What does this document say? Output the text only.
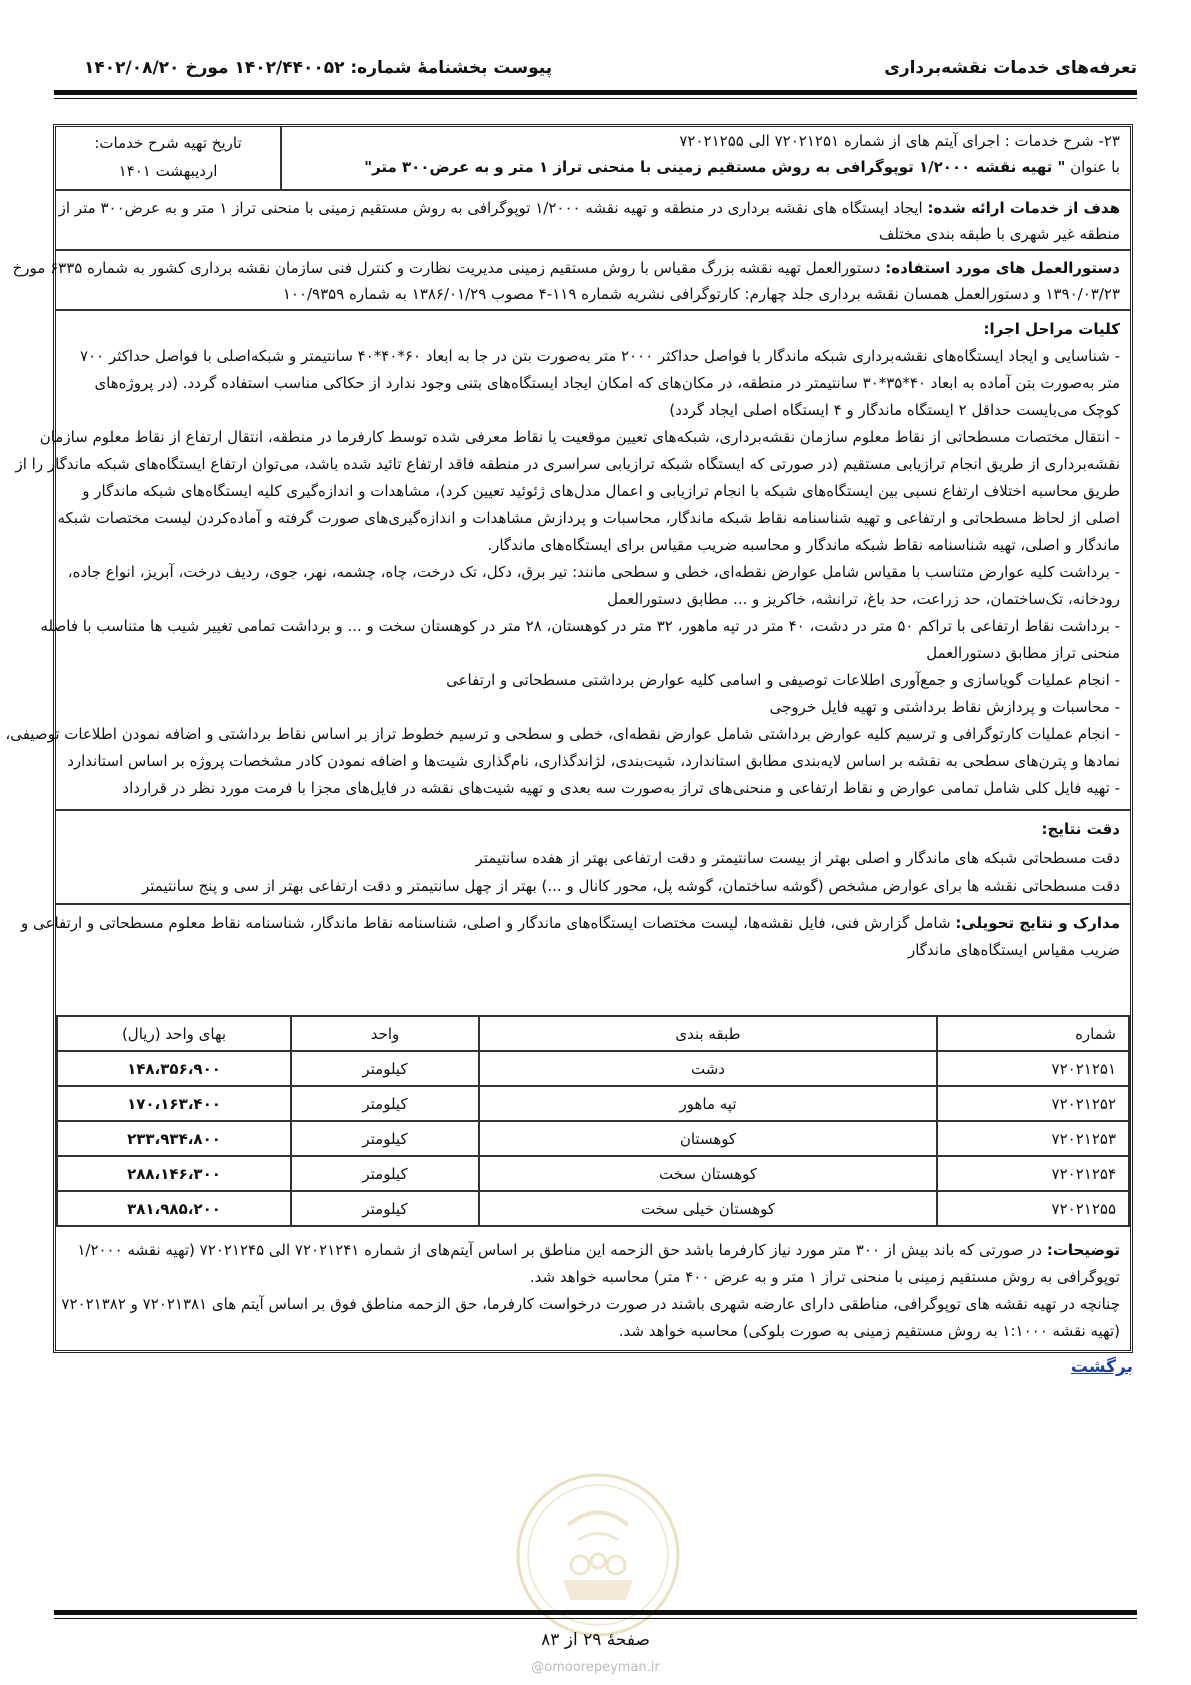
تعرفه‌های خدمات نقشه‌برداری
پیوست بخشنامهٔ شماره: ۱۴۰۲/۴۴۰۰۵۲ مورخ ۱۴۰۲/۰۸/۲۰
۲۳- شرح خدمات : اجرای آیتم های از شماره ۷۲۰۲۱۲۵۱ الی ۷۲۰۲۱۲۵۵
با عنوان " تهیه نقشه ۱/۲۰۰۰ توپوگرافی به روش مستقیم زمینی با منحنی تراز ۱ متر و به عرض۳۰۰ متر"
تاریخ تهیه شرح خدمات:
اردیبهشت ۱۴۰۱
هدف از خدمات ارائه شده: ایجاد ایستگاه های نقشه برداری در منطقه و تهیه نقشه ۱/۲۰۰۰ توپوگرافی به روش مستقیم زمینی با منحنی تراز ۱ متر و به عرض۳۰۰ متر از
منطقه غیر شهری با طبقه بندی مختلف
دستورالعمل های مورد استفاده: دستورالعمل تهیه نقشه بزرگ مقیاس با روش مستقیم زمینی مدیریت نظارت و کنترل فنی سازمان نقشه برداری کشور به شماره ۶۳۳۵ مورخ
۱۳۹۰/۰۳/۲۳ و دستورالعمل همسان نقشه برداری جلد چهارم: کارتوگرافی نشریه شماره ۱۱۹-۴ مصوب ۱۳۸۶/۰۱/۲۹ به شماره ۱۰۰/۹۳۵۹
کلیات مراحل اجرا:
- شناسایی و ایجاد ایستگاه‌های نقشه‌برداری شبکه ماندگار با فواصل حداکثر ۲۰۰۰ متر به‌صورت بتن در جا به ابعاد ۶۰*۴۰*۴۰ سانتیمتر و شبکه‌اصلی با فواصل حداکثر ۷۰۰
متر به‌صورت بتن آماده به ابعاد ۴۰*۳۵*۳۰ سانتیمتر در منطقه، در مکان‌های که امکان ایجاد ایستگاه‌های بتنی وجود ندارد از حکاکی مناسب استفاده گردد. (در پروژه‌های
کوچک می‌بایست حداقل ۲ ایستگاه ماندگار و ۴ ایستگاه اصلی ایجاد گردد)
- انتقال مختصات مسطحاتی از نقاط معلوم سازمان نقشه‌برداری، شبکه‌های تعیین موقعیت یا نقاط معرفی شده توسط کارفرما در منطقه، انتقال ارتفاع از نقاط معلوم سازمان
نقشه‌برداری از طریق انجام ترازیابی مستقیم (در صورتی که ایستگاه شبکه ترازیابی سراسری در منطقه فاقد ارتفاع تائید شده باشد، می‌توان ارتفاع ایستگاه‌های شبکه ماندگار را از
طریق محاسبه اختلاف ارتفاع نسبی بین ایستگاه‌های شبکه با انجام ترازیابی و اعمال مدل‌های ژئوئید تعیین کرد)، مشاهدات و اندازه‌گیری کلیه ایستگاه‌های شبکه ماندگار و
اصلی از لحاظ مسطحاتی و ارتفاعی و تهیه شناسنامه نقاط شبکه ماندگار، محاسبات و پردازش مشاهدات و اندازه‌گیری‌های صورت گرفته و آماده‌کردن لیست مختصات شبکه
ماندگار و اصلی، تهیه شناسنامه نقاط شبکه ماندگار و محاسبه ضریب مقیاس برای ایستگاه‌های ماندگار.
- برداشت کلیه عوارض متناسب با مقیاس شامل عوارض نقطه‌ای، خطی و سطحی مانند: تیر برق، دکل، تک درخت، چاه، چشمه، نهر، جوی، ردیف درخت، آبریز، انواع جاده،
رودخانه، تک‌ساختمان، حد زراعت، حد باغ، ترانشه، خاکریز و ... مطابق دستورالعمل
- برداشت نقاط ارتفاعی با تراکم ۵۰ متر در دشت، ۴۰ متر در تپه ماهور، ۳۲ متر در کوهستان، ۲۸ متر در کوهستان سخت و ... و برداشت تمامی تغییر شیب ها متناسب با فاصله
منحنی تراز مطابق دستورالعمل
- انجام عملیات گویاسازی و جمع‌آوری اطلاعات توصیفی و اسامی کلیه عوارض برداشتی مسطحاتی و ارتفاعی
- محاسبات و پردازش نقاط برداشتی و تهیه فایل خروجی
- انجام عملیات کارتوگرافی و ترسیم کلیه عوارض برداشتی شامل عوارض نقطه‌ای، خطی و سطحی و ترسیم خطوط تراز بر اساس نقاط برداشتی و اضافه نمودن اطلاعات توصیفی،
نمادها و پترن‌های سطحی به نقشه بر اساس لایه‌بندی مطابق استاندارد، شیت‌بندی، لژاندگذاری، نام‌گذاری شیت‌ها و اضافه نمودن کادر مشخصات پروژه بر اساس استاندارد
- تهیه فایل کلی شامل تمامی عوارض و نقاط ارتفاعی و منحنی‌های تراز به‌صورت سه بعدی و تهیه شیت‌های نقشه در فایل‌های مجزا با فرمت مورد نظر در قرارداد
دقت نتایج:
دقت مسطحاتی شبکه های ماندگار و اصلی بهتر از بیست سانتیمتر و دقت ارتفاعی بهتر از هفده سانتیمتر
دقت مسطحاتی نقشه ها برای عوارض مشخص (گوشه ساختمان، گوشه پل، محور کانال و ...) بهتر از چهل سانتیمتر و دقت ارتفاعی بهتر از سی و پنج سانتیمتر
مدارک و نتایج تحویلی: شامل گزارش فنی، فایل نقشه‌ها، لیست مختصات ایستگاه‌های ماندگار و اصلی، شناسنامه نقاط ماندگار، شناسنامه نقاط معلوم مسطحاتی و ارتفاعی و
ضریب مقیاس ایستگاه‌های ماندگار
شماره	طبقه بندی	واحد	بهای واحد (ریال)
۷۲۰۲۱۲۵۱	دشت	کیلومتر	۱۴۸،۳۵۶،۹۰۰
۷۲۰۲۱۲۵۲	تپه ماهور	کیلومتر	۱۷۰،۱۶۳،۴۰۰
۷۲۰۲۱۲۵۳	کوهستان	کیلومتر	۲۳۳،۹۳۴،۸۰۰
۷۲۰۲۱۲۵۴	کوهستان سخت	کیلومتر	۲۸۸،۱۴۶،۳۰۰
۷۲۰۲۱۲۵۵	کوهستان خیلی سخت	کیلومتر	۳۸۱،۹۸۵،۲۰۰
توضیحات: در صورتی که باند بیش از ۳۰۰ متر مورد نیاز کارفرما باشد حق الزحمه این مناطق بر اساس آیتم‌های از شماره ۷۲۰۲۱۲۴۱ الی ۷۲۰۲۱۲۴۵ (تهیه نقشه ۱/۲۰۰۰
توپوگرافی به روش مستقیم زمینی با منحنی تراز ۱ متر و به عرض ۴۰۰ متر) محاسبه خواهد شد.
چنانچه در تهیه نقشه های توپوگرافی، مناطقی دارای عارضه شهری باشند در صورت درخواست کارفرما، حق الزحمه مناطق فوق بر اساس آیتم های ۷۲۰۲۱۳۸۱ و ۷۲۰۲۱۳۸۲
(تهیه نقشه ۱:۱۰۰۰ به روش مستقیم زمینی به صورت بلوکی) محاسبه خواهد شد.
برگشت
صفحهٔ ۲۹ از ۸۳
@omoorepeyman.ir
